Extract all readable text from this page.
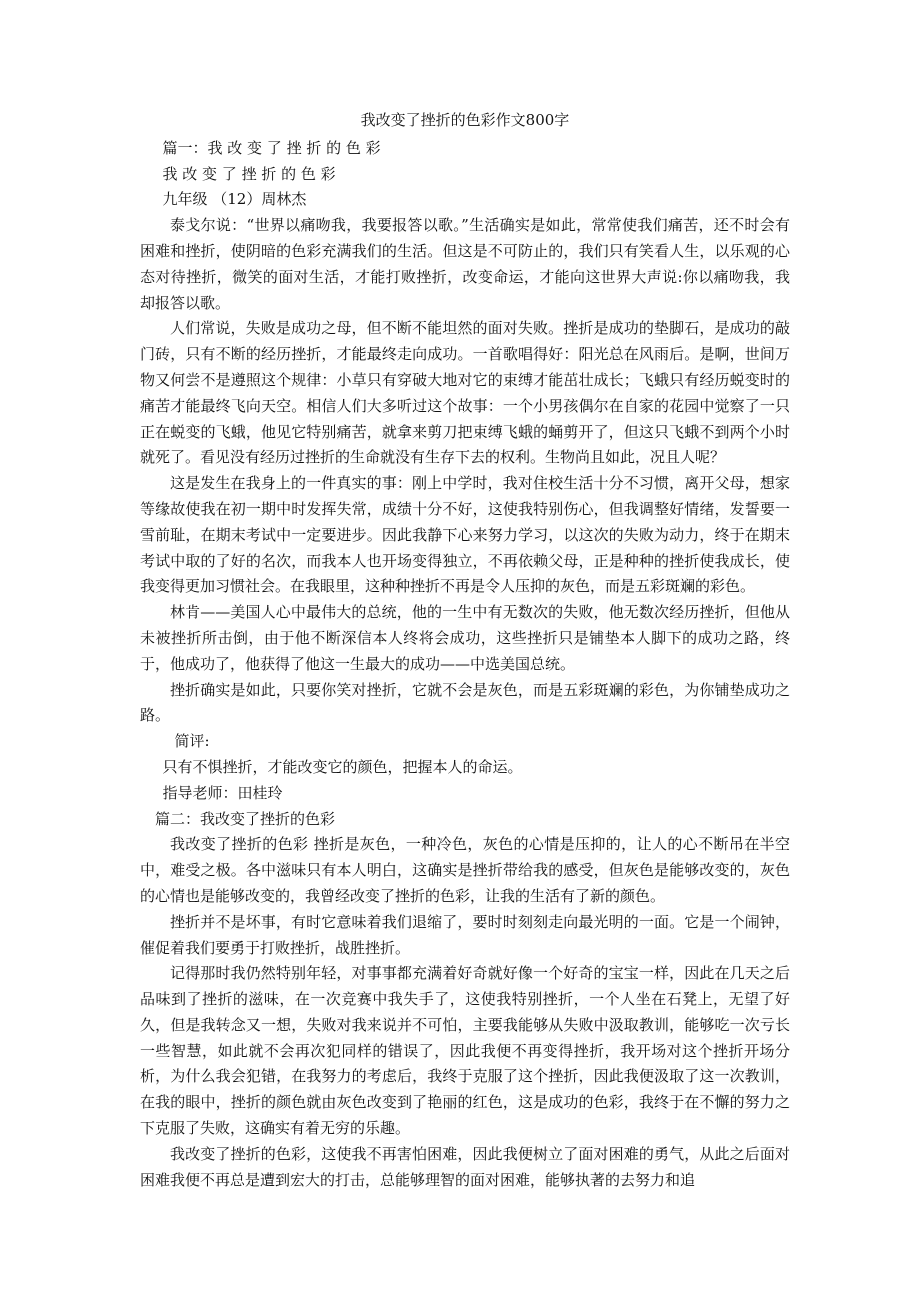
我改变了挫折的色彩作文800字

篇一：我 改 变 了 挫 折 的 色 彩

我 改 变 了 挫 折 的 色 彩

九年级 （12）周林杰

泰戈尔说：“世界以痛吻我，我要报答以歌。”生活确实是如此，常常使我们痛苦，还不时会有困难和挫折，使阴暗的色彩充满我们的生活。但这是不可防止的，我们只有笑看人生，以乐观的心态对待挫折，微笑的面对生活，才能打败挫折，改变命运，才能向这世界大声说:你以痛吻我，我却报答以歌。

人们常说，失败是成功之母，但不断不能坦然的面对失败。挫折是成功的垫脚石，是成功的敲门砖，只有不断的经历挫折，才能最终走向成功。一首歌唱得好：阳光总在风雨后。是啊，世间万物又何尝不是遵照这个规律：小草只有穿破大地对它的束缚才能茁壮成长；飞蛾只有经历蜕变时的痛苦才能最终飞向天空。相信人们大多听过这个故事：一个小男孩偶尔在自家的花园中觉察了一只正在蜕变的飞蛾，他见它特别痛苦，就拿来剪刀把束缚飞蛾的蛹剪开了，但这只飞蛾不到两个小时就死了。看见没有经历过挫折的生命就没有生存下去的权利。生物尚且如此，况且人呢？

这是发生在我身上的一件真实的事：刚上中学时，我对住校生活十分不习惯，离开父母，想家等缘故使我在初一期中时发挥失常，成绩十分不好，这使我特别伤心，但我调整好情绪，发誓要一雪前耻，在期末考试中一定要进步。因此我静下心来努力学习，以这次的失败为动力，终于在期末考试中取的了好的名次，而我本人也开场变得独立，不再依赖父母，正是种种的挫折使我成长，使我变得更加习惯社会。在我眼里，这种种挫折不再是令人压抑的灰色，而是五彩斑斓的彩色。

林肯——美国人心中最伟大的总统，他的一生中有无数次的失败，他无数次经历挫折，但他从未被挫折所击倒，由于他不断深信本人终将会成功，这些挫折只是铺垫本人脚下的成功之路，终于，他成功了，他获得了他这一生最大的成功——中选美国总统。

挫折确实是如此，只要你笑对挫折，它就不会是灰色，而是五彩斑斓的彩色，为你铺垫成功之路。

简评:

只有不惧挫折，才能改变它的颜色，把握本人的命运。

指导老师：田桂玲

篇二：我改变了挫折的色彩

我改变了挫折的色彩 挫折是灰色，一种冷色，灰色的心情是压抑的，让人的心不断吊在半空中，难受之极。各中滋味只有本人明白，这确实是挫折带给我的感受，但灰色是能够改变的，灰色的心情也是能够改变的，我曾经改变了挫折的色彩，让我的生活有了新的颜色。

挫折并不是坏事，有时它意味着我们退缩了，要时时刻刻走向最光明的一面。它是一个闹钟，催促着我们要勇于打败挫折，战胜挫折。

记得那时我仍然特别年轻，对事事都充满着好奇就好像一个好奇的宝宝一样，因此在几天之后品味到了挫折的滋味，在一次竞赛中我失手了，这使我特别挫折，一个人坐在石凳上，无望了好久，但是我转念又一想，失败对我来说并不可怕，主要我能够从失败中汲取教训，能够吃一次亏长一些智慧，如此就不会再次犯同样的错误了，因此我便不再变得挫折，我开场对这个挫折开场分析，为什么我会犯错，在我努力的考虑后，我终于克服了这个挫折，因此我便汲取了这一次教训，在我的眼中，挫折的颜色就由灰色改变到了艳丽的红色，这是成功的色彩，我终于在不懈的努力之下克服了失败，这确实有着无穷的乐趣。

我改变了挫折的色彩，这使我不再害怕困难，因此我便树立了面对困难的勇气，从此之后面对困难我便不再总是遭到宏大的打击，总能够理智的面对困难，能够执著的去努力和追
